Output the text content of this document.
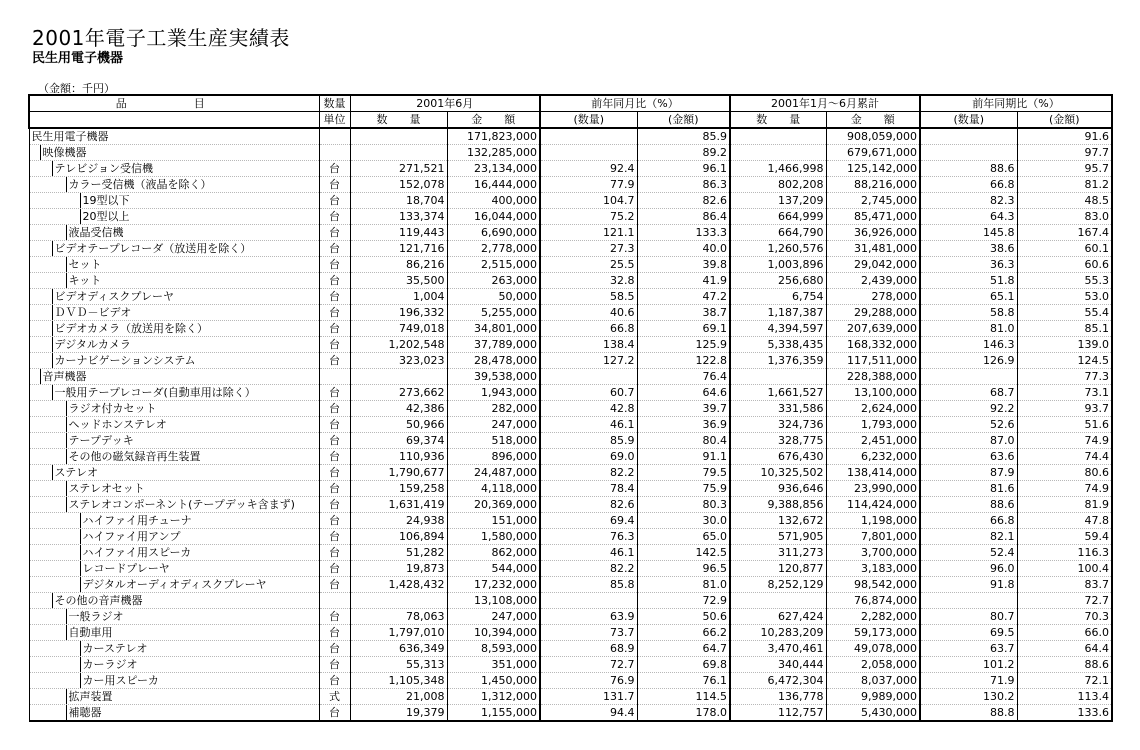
2001年電子工業生産実績表
民生用電子機器
（金額：千円）
品　目	数量	2001年6月		前年同月比（%）		2001年1月～6月累計		前年同期比（%）	
	単位	数　　量	金　　額	(数量)	(金額)	数　　量	金　　額	(数量)	(金額)

民生用電子機器			171,823,000		85.9		908,059,000		91.6

映像機器			132,285,000		89.2		679,671,000		97.7

テレビジョン受信機	台	271,521	23,134,000	92.4	96.1	1,466,998	125,142,000	88.6	95.7

カラー受信機（液晶を除く）	台	152,078	16,444,000	77.9	86.3	802,208	88,216,000	66.8	81.2

19型以下	台	18,704	400,000	104.7	82.6	137,209	2,745,000	82.3	48.5

20型以上	台	133,374	16,044,000	75.2	86.4	664,999	85,471,000	64.3	83.0

液晶受信機	台	119,443	6,690,000	121.1	133.3	664,790	36,926,000	145.8	167.4

ビデオテープレコーダ（放送用を除く）	台	121,716	2,778,000	27.3	40.0	1,260,576	31,481,000	38.6	60.1

セット	台	86,216	2,515,000	25.5	39.8	1,003,896	29,042,000	36.3	60.6

キット	台	35,500	263,000	32.8	41.9	256,680	2,439,000	51.8	55.3

ビデオディスクプレーヤ	台	1,004	50,000	58.5	47.2	6,754	278,000	65.1	53.0

ＤＶＤ－ビデオ	台	196,332	5,255,000	40.6	38.7	1,187,387	29,288,000	58.8	55.4

ビデオカメラ（放送用を除く）	台	749,018	34,801,000	66.8	69.1	4,394,597	207,639,000	81.0	85.1

デジタルカメラ	台	1,202,548	37,789,000	138.4	125.9	5,338,435	168,332,000	146.3	139.0

カーナビゲーションシステム	台	323,023	28,478,000	127.2	122.8	1,376,359	117,511,000	126.9	124.5

音声機器			39,538,000		76.4		228,388,000		77.3

一般用テープレコーダ(自動車用は除く）	台	273,662	1,943,000	60.7	64.6	1,661,527	13,100,000	68.7	73.1

ラジオ付カセット	台	42,386	282,000	42.8	39.7	331,586	2,624,000	92.2	93.7

ヘッドホンステレオ	台	50,966	247,000	46.1	36.9	324,736	1,793,000	52.6	51.6

テープデッキ	台	69,374	518,000	85.9	80.4	328,775	2,451,000	87.0	74.9

その他の磁気録音再生装置	台	110,936	896,000	69.0	91.1	676,430	6,232,000	63.6	74.4

ステレオ	台	1,790,677	24,487,000	82.2	79.5	10,325,502	138,414,000	87.9	80.6

ステレオセット	台	159,258	4,118,000	78.4	75.9	936,646	23,990,000	81.6	74.9

ステレオコンポーネント(テープデッキ含まず)	台	1,631,419	20,369,000	82.6	80.3	9,388,856	114,424,000	88.6	81.9

ハイファイ用チューナ	台	24,938	151,000	69.4	30.0	132,672	1,198,000	66.8	47.8

ハイファイ用アンプ	台	106,894	1,580,000	76.3	65.0	571,905	7,801,000	82.1	59.4

ハイファイ用スピーカ	台	51,282	862,000	46.1	142.5	311,273	3,700,000	52.4	116.3

レコードプレーヤ	台	19,873	544,000	82.2	96.5	120,877	3,183,000	96.0	100.4

デジタルオーディオディスクプレーヤ	台	1,428,432	17,232,000	85.8	81.0	8,252,129	98,542,000	91.8	83.7

その他の音声機器			13,108,000		72.9		76,874,000		72.7

一般ラジオ	台	78,063	247,000	63.9	50.6	627,424	2,282,000	80.7	70.3

自動車用	台	1,797,010	10,394,000	73.7	66.2	10,283,209	59,173,000	69.5	66.0

カーステレオ	台	636,349	8,593,000	68.9	64.7	3,470,461	49,078,000	63.7	64.4

カーラジオ	台	55,313	351,000	72.7	69.8	340,444	2,058,000	101.2	88.6

カー用スピーカ	台	1,105,348	1,450,000	76.9	76.1	6,472,304	8,037,000	71.9	72.1

拡声装置	式	21,008	1,312,000	131.7	114.5	136,778	9,989,000	130.2	113.4

補聴器	台	19,379	1,155,000	94.4	178.0	112,757	5,430,000	88.8	133.6
